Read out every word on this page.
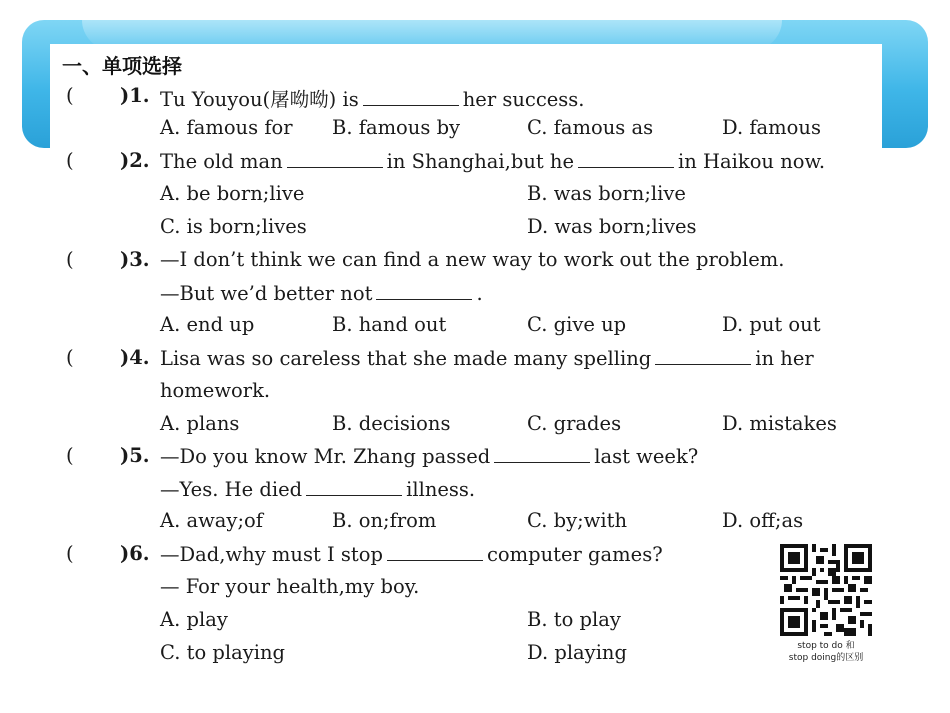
一、单项选择
( )1. Tu Youyou(屠呦呦) is	her success.
A. famous for B. famous by	C. famous as	D. famous
( )2. The old man	in Shanghai,but he	in Haikou now.
A. be born;live	B. was born;live
C. is born;lives	D. was born;lives
( )3. —I don’t think we can find a new way to work out the problem.
—But we’d better not	.
A. end up	B. hand out	C. give up	D. put out
( )4. Lisa was so careless that she made many spelling	in her
homework.
A. plans	B. decisions	C. grades	D. mistakes
( )5. —Do you know Mr. Zhang passed	last week?
—Yes. He died	illness.
A. away;of	B. on;from	C. by;with	D. off;as
( )6. —Dad,why must I stop	computer games?
— For your health,my boy.
A. play	B. to play
C. to playing	D. playing	stop to do 和
stop doing的区别
